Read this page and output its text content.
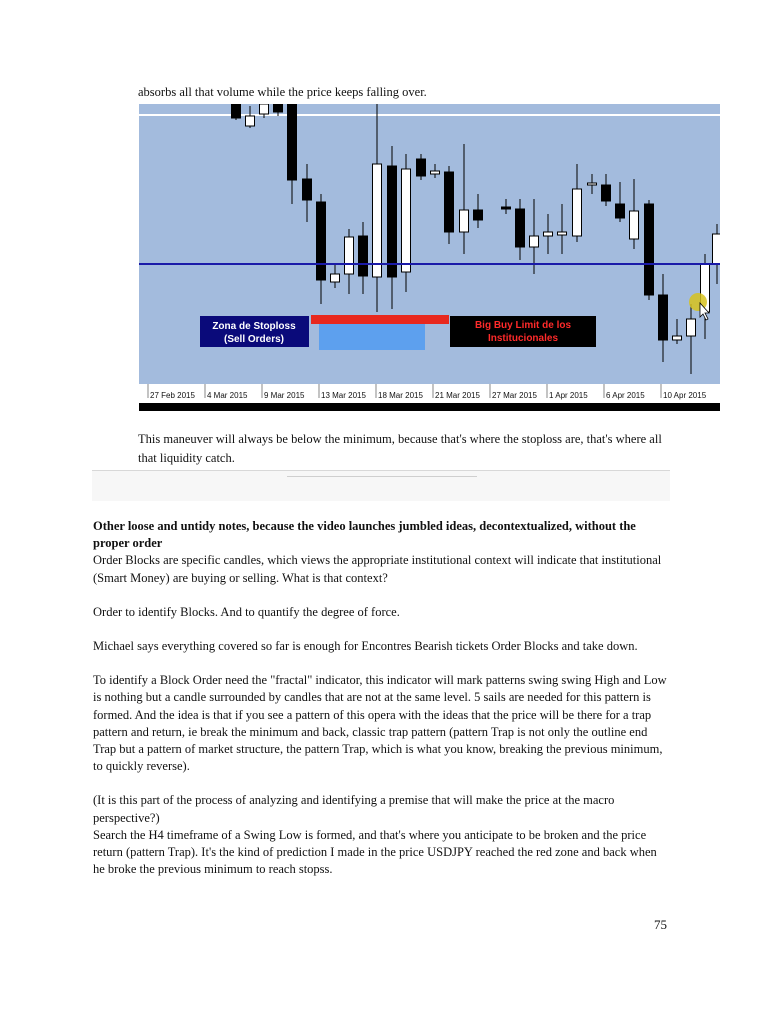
absorbs all that volume while the price keeps falling over.
Zona de Stoploss
(Sell Orders)
Big Buy Limit de los
Institucionales
27 Feb 2015 4 Mar 2015 9 Mar 2015 13 Mar 2015 18 Mar 2015 21 Mar 2015 27 Mar 2015 1 Apr 2015 6 Apr 2015 10 Apr 2015
This maneuver will always be below the minimum, because that's where the stoploss are, that's where all that liquidity catch.

Other loose and untidy notes, because the video launches jumbled ideas, decontextualized, without the proper order

Order Blocks are specific candles, which views the appropriate institutional context will indicate that institutional (Smart Money) are buying or selling. What is that context?

Order to identify Blocks. And to quantify the degree of force.

Michael says everything covered so far is enough for Encontres Bearish tickets Order Blocks and take down.

To identify a Block Order need the "fractal" indicator, this indicator will mark patterns swing swing High and Low is nothing but a candle surrounded by candles that are not at the same level. 5 sails are needed for this pattern is formed. And the idea is that if you see a pattern of this opera with the ideas that the price will be there for a trap pattern and return, ie break the minimum and back, classic trap pattern (pattern Trap is not only the outline end Trap but a pattern of market structure, the pattern Trap, which is what you know, breaking the previous minimum, to quickly reverse).

(It is this part of the process of analyzing and identifying a premise that will make the price at the macro perspective?)

Search the H4 timeframe of a Swing Low is formed, and that's where you anticipate to be broken and the price return (pattern Trap). It's the kind of prediction I made in the price USDJPY reached the red zone and back when he broke the previous minimum to reach stopss.

75
